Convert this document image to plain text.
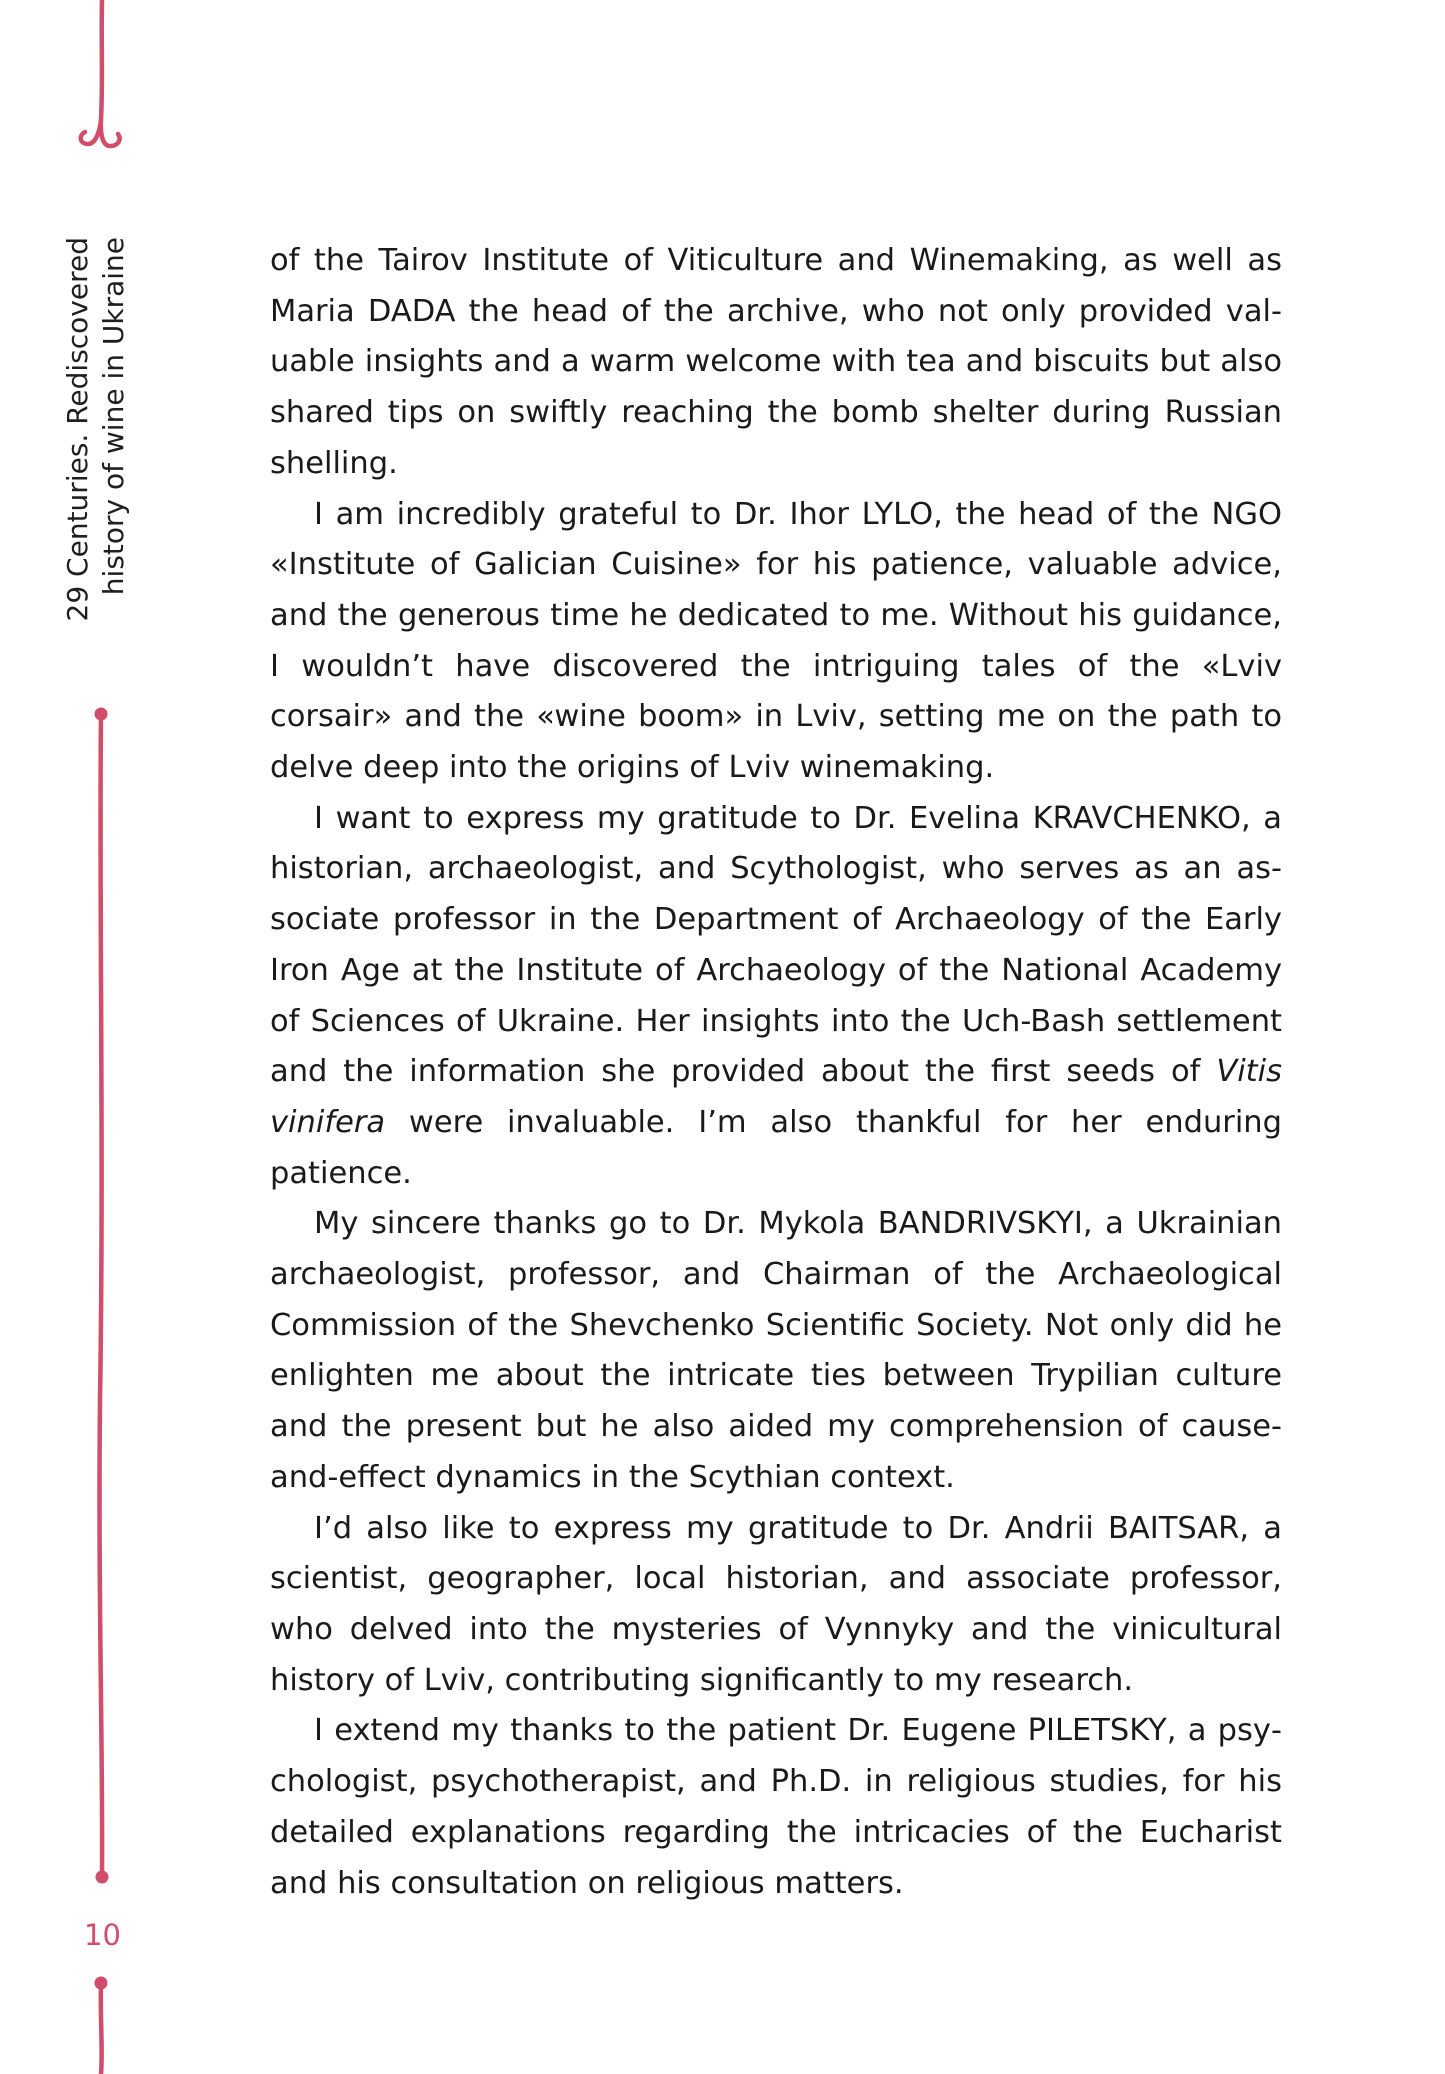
29 Centuries. Rediscovered history of wine in Ukraine
10

of the Tairov Institute of Viticulture and Winemaking, as well as Maria DADA the head of the archive, who not only provided valuable insights and a warm welcome with tea and biscuits but also shared tips on swiftly reaching the bomb shelter during Russian shelling.

I am incredibly grateful to Dr. Ihor LYLO, the head of the NGO «Institute of Galician Cuisine» for his patience, valuable advice, and the generous time he dedicated to me. Without his guidance, I wouldn’t have discovered the intriguing tales of the «Lviv corsair» and the «wine boom» in Lviv, setting me on the path to delve deep into the origins of Lviv winemaking.

I want to express my gratitude to Dr. Evelina KRAVCHENKO, a historian, archaeologist, and Scythologist, who serves as an associate professor in the Department of Archaeology of the Early Iron Age at the Institute of Archaeology of the National Academy of Sciences of Ukraine. Her insights into the Uch-Bash settlement and the information she provided about the first seeds of Vitis vinifera were invaluable. I’m also thankful for her enduring patience.

My sincere thanks go to Dr. Mykola BANDRIVSKYI, a Ukrainian archaeologist, professor, and Chairman of the Archaeological Commission of the Shevchenko Scientific Society. Not only did he enlighten me about the intricate ties between Trypilian culture and the present but he also aided my comprehension of cause-and-effect dynamics in the Scythian context.

I’d also like to express my gratitude to Dr. Andrii BAITSAR, a scientist, geographer, local historian, and associate professor, who delved into the mysteries of Vynnyky and the vinicultural history of Lviv, contributing significantly to my research.

I extend my thanks to the patient Dr. Eugene PILETSKY, a psychologist, psychotherapist, and Ph.D. in religious studies, for his detailed explanations regarding the intricacies of the Eucharist and his consultation on religious matters.
